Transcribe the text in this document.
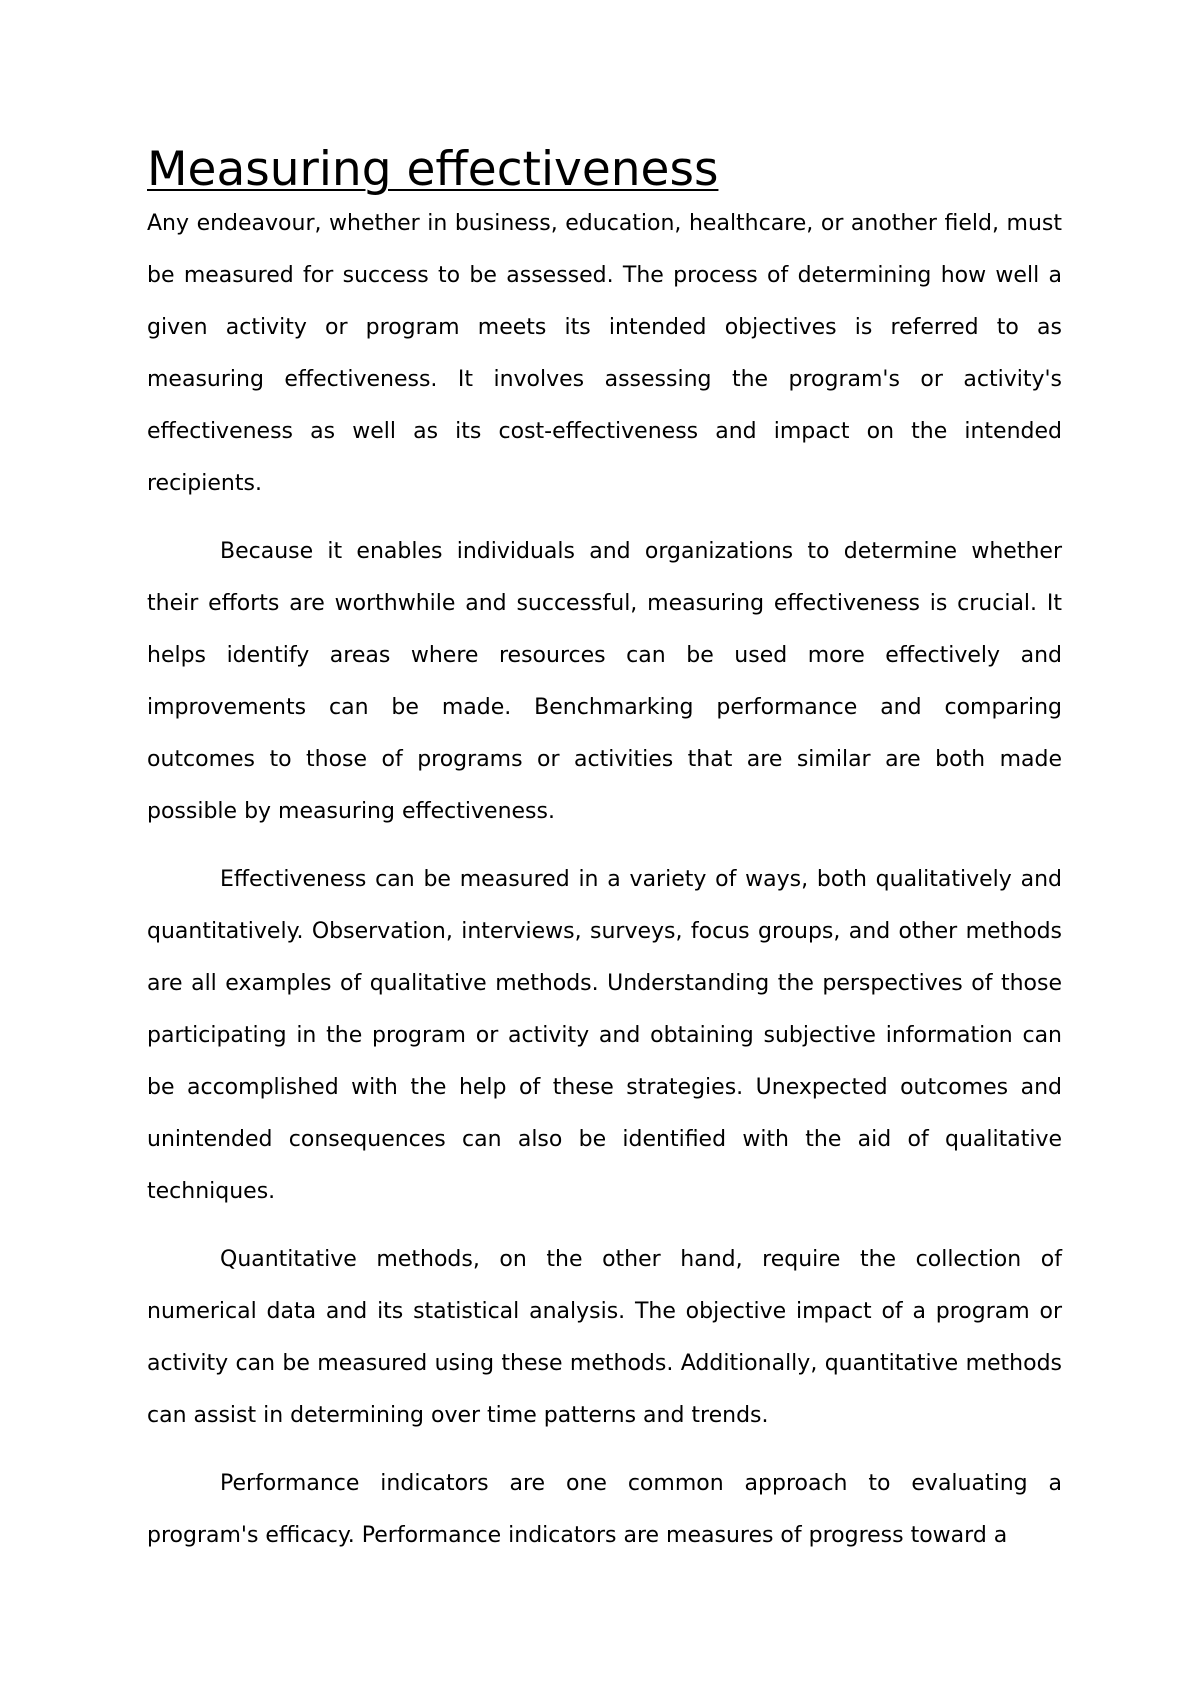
Measuring effectiveness

Any endeavour, whether in business, education, healthcare, or another field, must be measured for success to be assessed. The process of determining how well a given activity or program meets its intended objectives is referred to as measuring effectiveness. It involves assessing the program's or activity's effectiveness as well as its cost-effectiveness and impact on the intended recipients.

Because it enables individuals and organizations to determine whether their efforts are worthwhile and successful, measuring effectiveness is crucial. It helps identify areas where resources can be used more effectively and improvements can be made. Benchmarking performance and comparing outcomes to those of programs or activities that are similar are both made possible by measuring effectiveness.

Effectiveness can be measured in a variety of ways, both qualitatively and quantitatively. Observation, interviews, surveys, focus groups, and other methods are all examples of qualitative methods. Understanding the perspectives of those participating in the program or activity and obtaining subjective information can be accomplished with the help of these strategies. Unexpected outcomes and unintended consequences can also be identified with the aid of qualitative techniques.

Quantitative methods, on the other hand, require the collection of numerical data and its statistical analysis. The objective impact of a program or activity can be measured using these methods. Additionally, quantitative methods can assist in determining over time patterns and trends.

Performance indicators are one common approach to evaluating a program's efficacy. Performance indicators are measures of progress toward a
